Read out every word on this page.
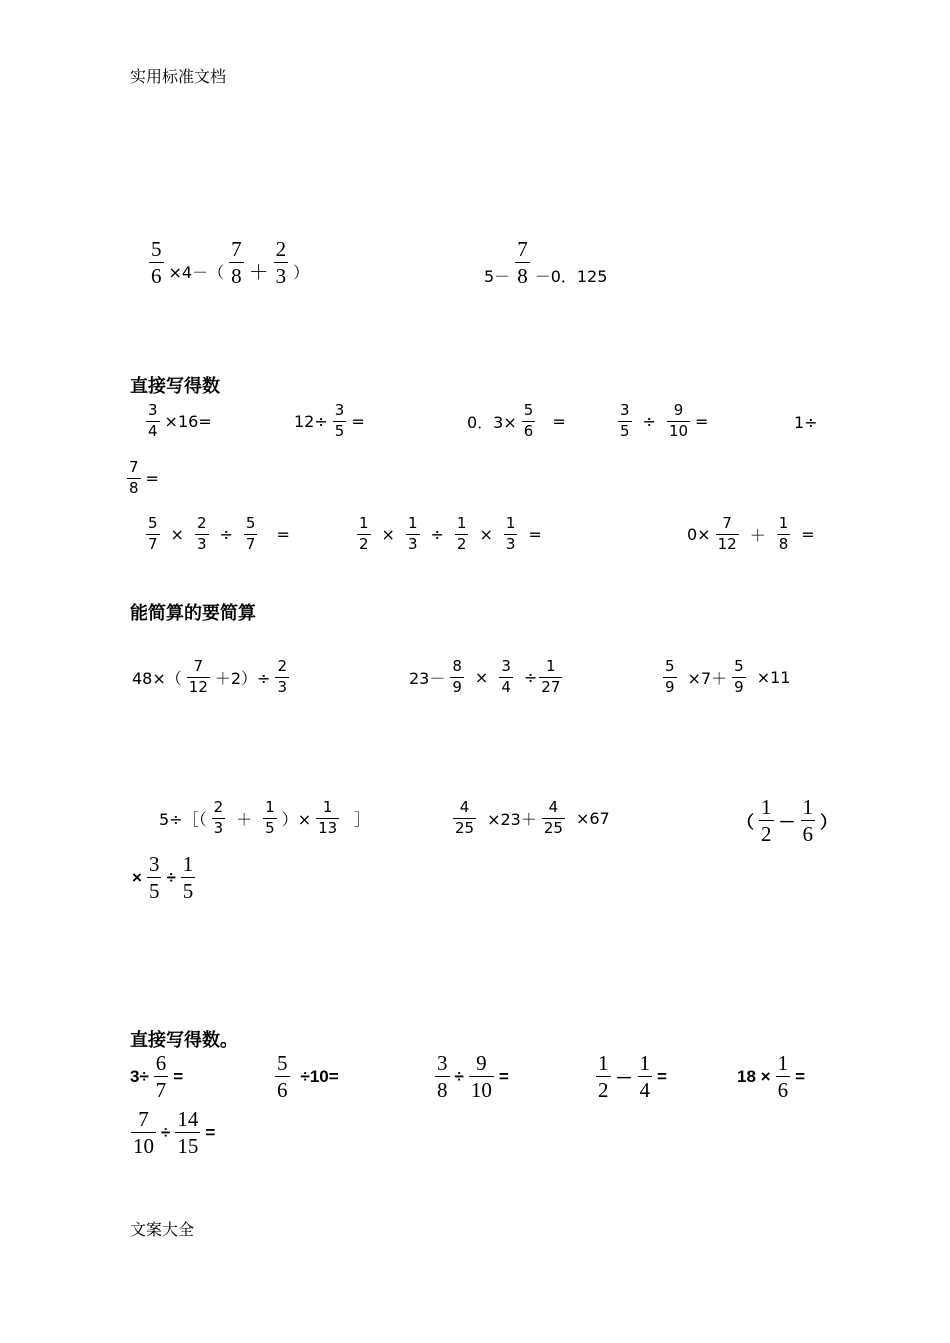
实用标准文档
$\frac{5}{6} \times 4-( \frac{7}{8} + \frac{2}{3}$ ）	$5- \frac{7}{8} -0$．125
直接写得数
$\frac{3}{4} \times 16=$	$12\div \frac{3}{5}$ =	0．$3\times \frac{5}{6}$ =	$\frac{3}{5} \div \frac{9}{10}$ =	1÷
$\frac{7}{8}$ =
$\frac{5}{7} \times \frac{2}{3} \div \frac{5}{7}$ =	$\frac{1}{2} \times \frac{1}{3} \div \frac{1}{2} \times \frac{1}{3}$ =	$0\times \frac{7}{12} + \frac{1}{8}$ =
能简算的要简算
$48\times( \frac{7}{12} +2)\div \frac{2}{3}$	$23- \frac{8}{9} \times \frac{3}{4} \div \frac{1}{27}$	$\frac{5}{9} \times 7+ \frac{5}{9} \times 11$
5÷［（ $\frac{2}{3} + \frac{1}{5}$ ）× $\frac{1}{13}$ ］	$\frac{4}{25} \times 23+ \frac{4}{25} \times 67$	（ $\frac{1}{2} - \frac{1}{6}$ ）
× $\frac{3}{5} \div \frac{1}{5}$
直接写得数。
$3\div \frac{6}{7}$ =	$\frac{5}{6} \div 10=$	$\frac{3}{8} \div \frac{9}{10}$ =	$\frac{1}{2} - \frac{1}{4}$ =	$18 \times \frac{1}{6}$ =
$\frac{7}{10} \div \frac{14}{15}$ =
文案大全
